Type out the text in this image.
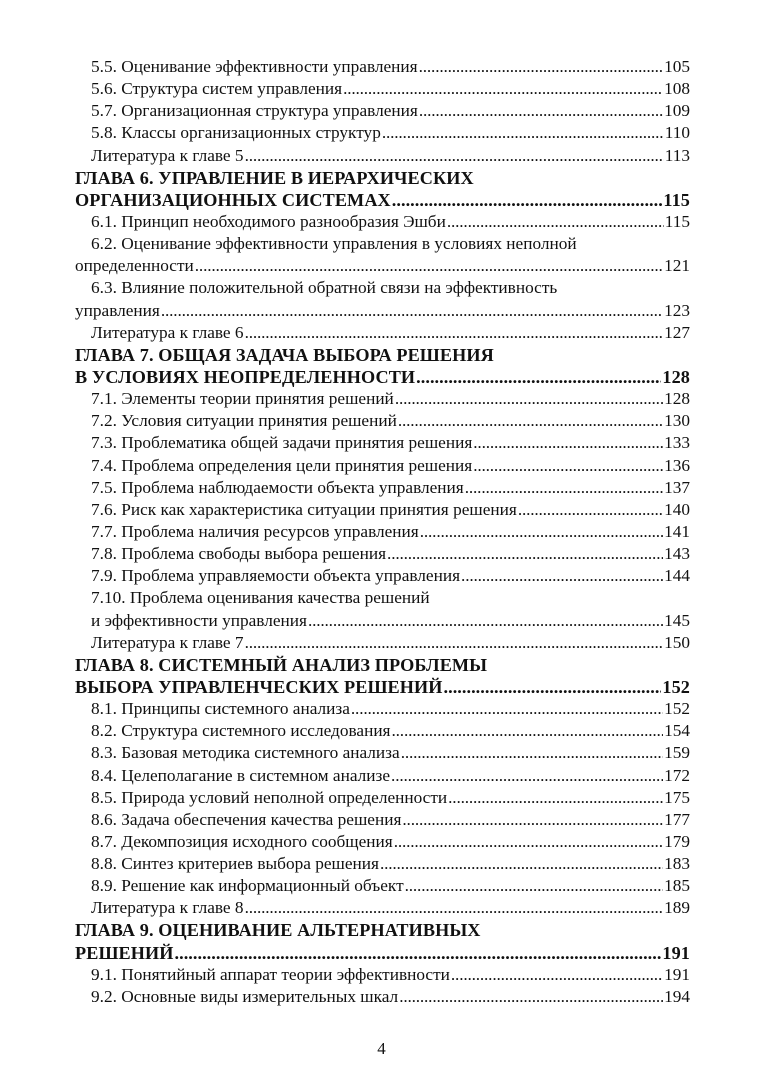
5.5. Оценивание эффективности управления . . .	105
5.6. Структура систем управления . . .	108
5.7. Организационная структура управления . . .	109
5.8. Классы организационных структур . . .	110
Литература к главе 5 . . .	113
ГЛАВА 6. УПРАВЛЕНИЕ В ИЕРАРХИЧЕСКИХ
ОРГАНИЗАЦИОННЫХ СИСТЕМАХ . . .	115
6.1. Принцип необходимого разнообразия Эшби . . .	115
6.2. Оценивание эффективности управления в условиях неполной
определенности . . .	121
6.3. Влияние положительной обратной связи на эффективность
управления . . .	123
Литература к главе 6 . . .	127
ГЛАВА 7. ОБЩАЯ ЗАДАЧА ВЫБОРА РЕШЕНИЯ
В УСЛОВИЯХ НЕОПРЕДЕЛЕННОСТИ . . .	128
7.1. Элементы теории принятия решений . . .	128
7.2. Условия ситуации принятия решений . . .	130
7.3. Проблематика общей задачи принятия решения . . .	133
7.4. Проблема определения цели принятия решения . . .	136
7.5. Проблема наблюдаемости объекта управления . . .	137
7.6. Риск как характеристика ситуации принятия решения . . .	140
7.7. Проблема наличия ресурсов управления . . .	141
7.8. Проблема свободы выбора решения . . .	143
7.9. Проблема управляемости объекта управления . . .	144
7.10. Проблема оценивания качества решений
и эффективности управления . . .	145
Литература к главе 7 . . .	150
ГЛАВА 8. СИСТЕМНЫЙ АНАЛИЗ ПРОБЛЕМЫ
ВЫБОРА УПРАВЛЕНЧЕСКИХ РЕШЕНИЙ . . .	152
8.1. Принципы системного анализа . . .	152
8.2. Структура системного исследования . . .	154
8.3. Базовая методика системного анализа . . .	159
8.4. Целеполагание в системном анализе . . .	172
8.5. Природа условий неполной определенности . . .	175
8.6. Задача обеспечения качества решения . . .	177
8.7. Декомпозиция исходного сообщения . . .	179
8.8. Синтез критериев выбора решения . . .	183
8.9. Решение как информационный объект . . .	185
Литература к главе 8 . . .	189
ГЛАВА 9. ОЦЕНИВАНИЕ АЛЬТЕРНАТИВНЫХ
РЕШЕНИЙ . . .	191
9.1. Понятийный аппарат теории эффективности . . .	191
9.2. Основные виды измерительных шкал . . .	194
4
